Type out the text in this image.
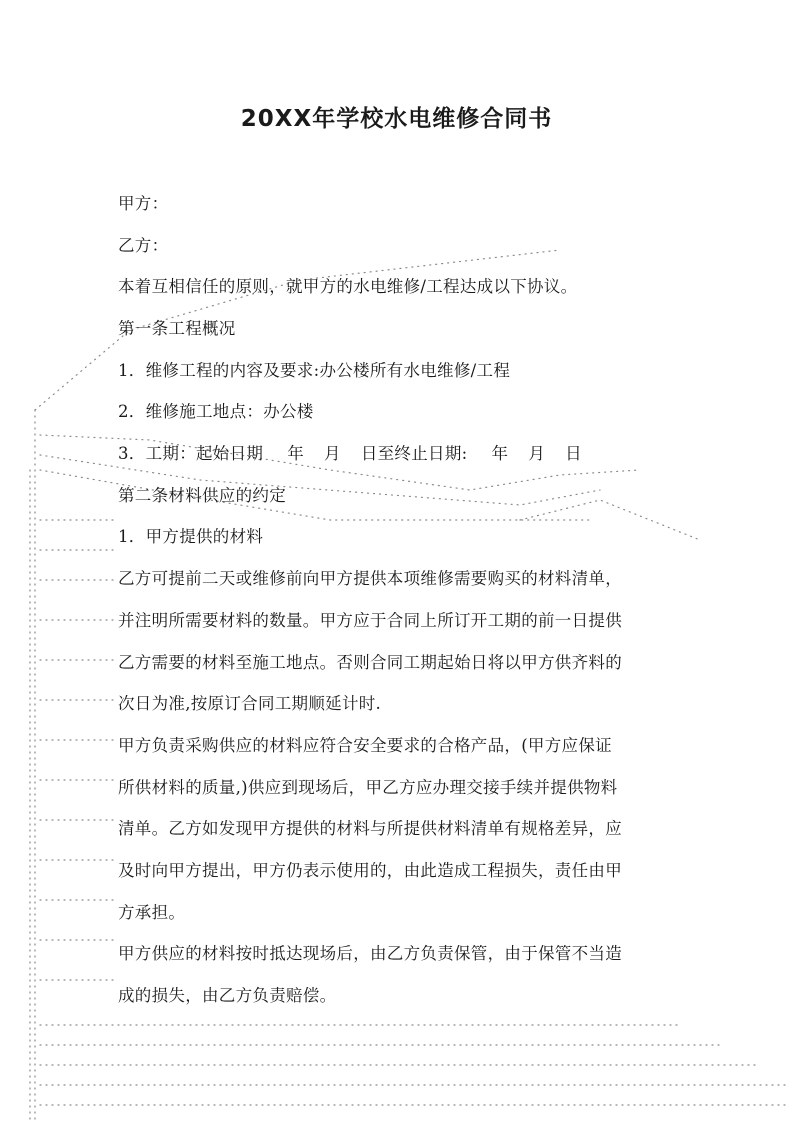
20XX年学校水电维修合同书
甲方：
乙方：
本着互相信任的原则，就甲方的水电维修/工程达成以下协议。
第一条工程概况
1．维修工程的内容及要求:办公楼所有水电维修/工程
2．维修施工地点：办公楼
3．工期：起始日期 年 月 日至终止日期: 年 月 日
第二条材料供应的约定
1．甲方提供的材料
乙方可提前二天或维修前向甲方提供本项维修需要购买的材料清单，
并注明所需要材料的数量。甲方应于合同上所订开工期的前一日提供
乙方需要的材料至施工地点。否则合同工期起始日将以甲方供齐料的
次日为准,按原订合同工期顺延计时.
甲方负责采购供应的材料应符合安全要求的合格产品，(甲方应保证
所供材料的质量,)供应到现场后，甲乙方应办理交接手续并提供物料
清单。乙方如发现甲方提供的材料与所提供材料清单有规格差异，应
及时向甲方提出，甲方仍表示使用的，由此造成工程损失，责任由甲
方承担。
甲方供应的材料按时抵达现场后，由乙方负责保管，由于保管不当造
成的损失，由乙方负责赔偿。
